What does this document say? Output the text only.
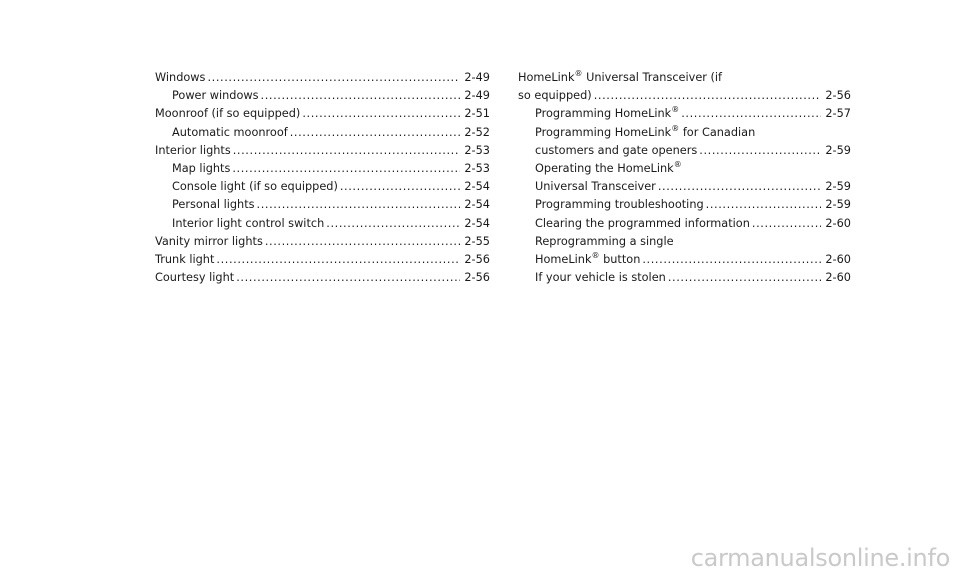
Windows .....	2-49
Power windows .....	2-49
Moonroof (if so equipped) .....	2-51
Automatic moonroof .....	2-52
Interior lights .....	2-53
Map lights .....	2-53
Console light (if so equipped) .....	2-54
Personal lights .....	2-54
Interior light control switch .....	2-54
Vanity mirror lights .....	2-55
Trunk light .....	2-56
Courtesy light .....	2-56
HomeLink® Universal Transceiver (if
so equipped) .....	2-56
Programming HomeLink® .....	2-57
Programming HomeLink® for Canadian
customers and gate openers .....	2-59
Operating the HomeLink®
Universal Transceiver .....	2-59
Programming troubleshooting .....	2-59
Clearing the programmed information .....	2-60
Reprogramming a single
HomeLink® button .....	2-60
If your vehicle is stolen .....	2-60
carmanualsonline.info
